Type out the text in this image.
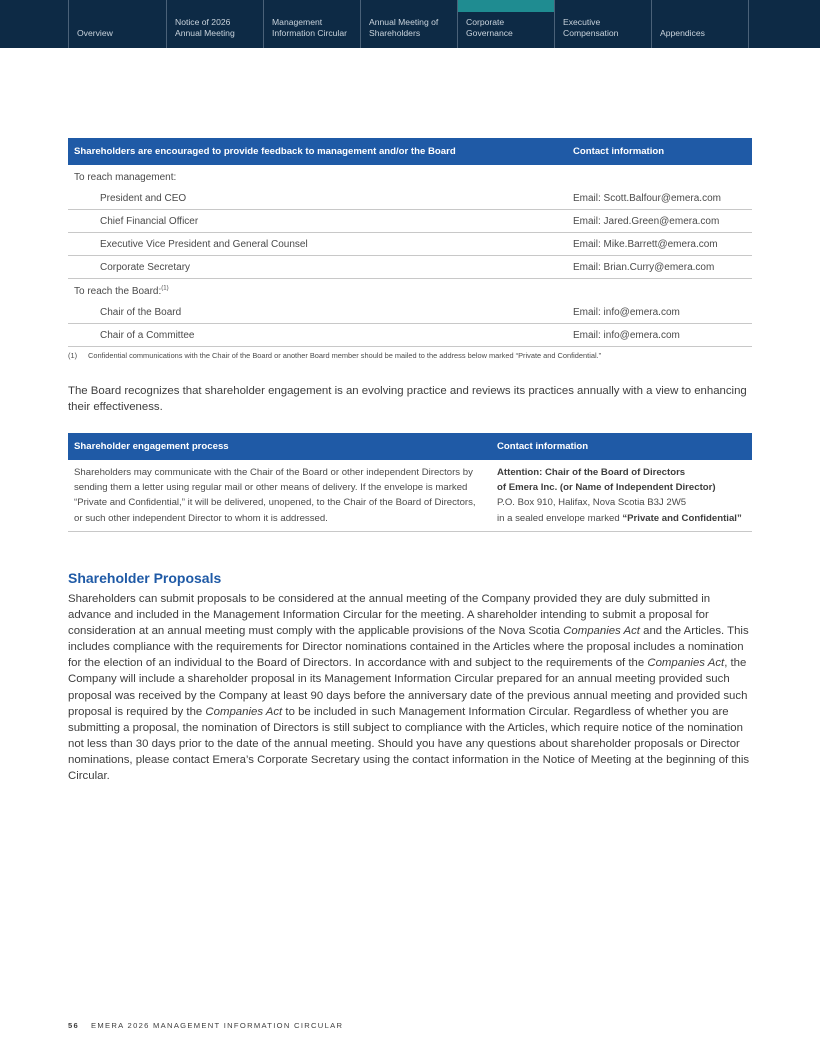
Overview
Notice of 2026
Annual Meeting
Management
Information Circular
Annual Meeting of
Shareholders
Corporate
Governance
Executive
Compensation	Appendices
Shareholders are encouraged to provide feedback to management and/or the Board	Contact information
To reach management:
President and CEO	Email: Scott.Balfour@emera.com
Chief Financial Officer	Email: Jared.Green@emera.com
Executive Vice President and General Counsel	Email: Mike.Barrett@emera.com
Corporate Secretary	Email: Brian.Curry@emera.com
To reach the Board:$^{(1)}$
Chair of the Board	Email: info@emera.com
Chair of a Committee	Email: info@emera.com
(1)	Confidential communications with the Chair of the Board or another Board member should be mailed to the address below marked “Private and Confidential.”

The Board recognizes that shareholder engagement is an evolving practice and reviews its practices annually with a view to enhancing their effectiveness.

Shareholder engagement process	Contact information
Shareholders may communicate with the Chair of the Board or other independent Directors by sending them a letter using regular mail or other means of delivery. If the envelope is marked “Private and Confidential,” it will be delivered, unopened, to the Chair of the Board of Directors, or such other independent Director to whom it is addressed.
Attention: Chair of the Board of Directors
of Emera Inc. (or Name of Independent Director)
P.O. Box 910, Halifax, Nova Scotia B3J 2W5
in a sealed envelope marked “Private and Confidential”
Shareholder Proposals

Shareholders can submit proposals to be considered at the annual meeting of the Company provided they are duly submitted in advance and included in the Management Information Circular for the meeting. A shareholder intending to submit a proposal for consideration at an annual meeting must comply with the applicable provisions of the Nova Scotia Companies Act and the Articles. This includes compliance with the requirements for Director nominations contained in the Articles where the proposal includes a nomination for the election of an individual to the Board of Directors. In accordance with and subject to the requirements of the Companies Act, the Company will include a shareholder proposal in its Management Information Circular prepared for an annual meeting provided such proposal was received by the Company at least 90 days before the anniversary date of the previous annual meeting and provided such proposal is required by the Companies Act to be included in such Management Information Circular. Regardless of whether you are submitting a proposal, the nomination of Directors is still subject to compliance with the Articles, which require notice of the nomination not less than 30 days prior to the date of the annual meeting. Should you have any questions about shareholder proposals or Director nominations, please contact Emera’s Corporate Secretary using the contact information in the Notice of Meeting at the beginning of this Circular.

56 EMERA 2026 MANAGEMENT INFORMATION CIRCULAR
